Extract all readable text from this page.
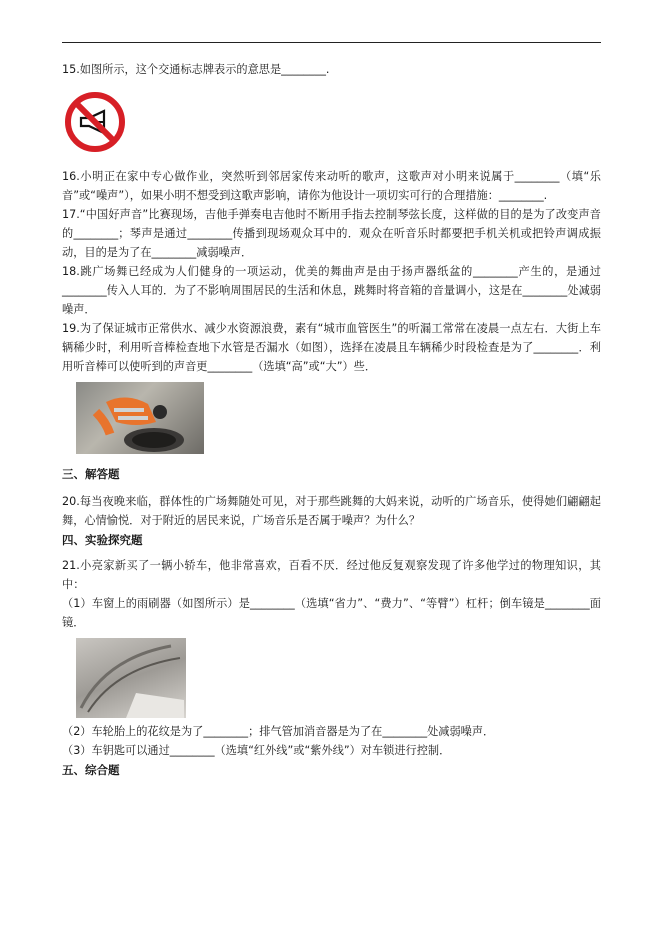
15.如图所示，这个交通标志牌表示的意思是________.

16.小明正在家中专心做作业，突然听到邻居家传来动听的歌声，这歌声对小明来说属于________（填“乐音”或“噪声”），如果小明不想受到这歌声影响，请你为他设计一项切实可行的合理措施：________.

17.“中国好声音”比赛现场，吉他手弹奏电吉他时不断用手指去控制琴弦长度，这样做的目的是为了改变声音的________；琴声是通过________传播到现场观众耳中的．观众在听音乐时都要把手机关机或把铃声调成振动，目的是为了在________减弱噪声．

18.跳广场舞已经成为人们健身的一项运动，优美的舞曲声是由于扬声器纸盆的________产生的，是通过________传入人耳的．为了不影响周围居民的生活和休息，跳舞时将音箱的音量调小，这是在________处减弱噪声．

19.为了保证城市正常供水、减少水资源浪费，素有“城市血管医生”的听漏工常常在凌晨一点左右．大街上车辆稀少时，利用听音棒检查地下水管是否漏水（如图），选择在凌晨且车辆稀少时段检查是为了________．利用听音棒可以使听到的声音更________（选填“高”或“大”）些．

三、解答题

20.每当夜晚来临，群体性的广场舞随处可见，对于那些跳舞的大妈来说，动听的广场音乐，使得她们翩翩起舞，心情愉悦．对于附近的居民来说，广场音乐是否属于噪声？为什么？

四、实验探究题

21.小亮家新买了一辆小轿车，他非常喜欢，百看不厌．经过他反复观察发现了许多他学过的物理知识，其中：

（1）车窗上的雨刷器（如图所示）是________（选填“省力”、“费力”、“等臂”）杠杆；倒车镜是________面镜．

（2）车轮胎上的花纹是为了________；排气管加消音器是为了在________处减弱噪声．

（3）车钥匙可以通过________（选填“红外线”或“紫外线”）对车锁进行控制．

五、综合题
